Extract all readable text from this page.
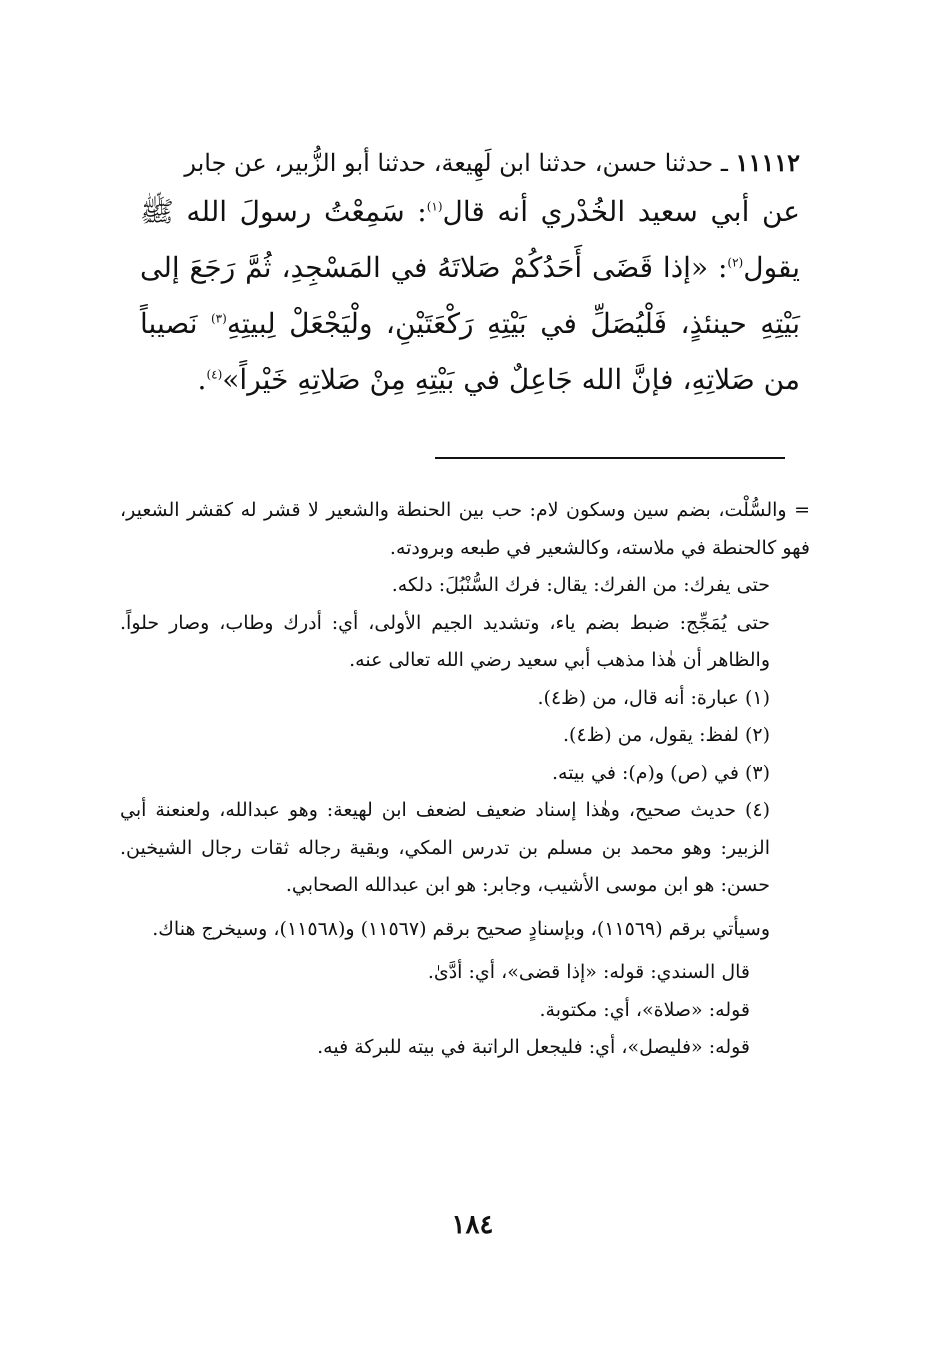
١١١١٢ ـ حدثنا حسن، حدثنا ابن لَهِيعة، حدثنا أبو الزُّبير، عن جابر

عن أبي سعيد الخُدْري أنه قال$^{(١)}$: سَمِعْتُ رسولَ الله ﷺ يقول$^{(٢)}$: «إذا قَضَى أَحَدُكُمْ صَلاتَهُ في المَسْجِدِ، ثُمَّ رَجَعَ إلى بَيْتِهِ حينئذٍ، فَلْيُصَلِّ في بَيْتِهِ رَكْعَتَيْنِ، ولْيَجْعَلْ لِبيتِهِ$^{(٣)}$ نَصيباً من صَلاتِهِ، فإنَّ الله جَاعِلٌ في بَيْتِهِ مِنْ صَلاتِهِ خَيْراً»$^{(٤)}$.

= والسُّلْت، بضم سين وسكون لام: حب بين الحنطة والشعير لا قشر له كقشر الشعير، فهو كالحنطة في ملاسته، وكالشعير في طبعه وبرودته.

حتى يفرك: من الفرك: يقال: فرك السُّنْبُلَ: دلكه.

حتى يُمَجِّج: ضبط بضم ياء، وتشديد الجيم الأولى، أي: أدرك وطاب، وصار حلواً. والظاهر أن هٰذا مذهب أبي سعيد رضي الله تعالى عنه.

(١) عبارة: أنه قال، من (ظ٤).

(٢) لفظ: يقول، من (ظ٤).

(٣) في (ص) و(م): في بيته.

(٤) حديث صحيح، وهٰذا إسناد ضعيف لضعف ابن لهيعة: وهو عبدالله، ولعنعنة أبي الزبير: وهو محمد بن مسلم بن تدرس المكي، وبقية رجاله ثقات رجال الشيخين. حسن: هو ابن موسى الأشيب، وجابر: هو ابن عبدالله الصحابي.

وسيأتي برقم (١١٥٦٩)، وبإسنادٍ صحيح برقم (١١٥٦٧) و(١١٥٦٨)، وسيخرج هناك.

قال السندي: قوله: «إذا قضى»، أي: أدَّىٰ.

قوله: «صلاة»، أي: مكتوبة.

قوله: «فليصل»، أي: فليجعل الراتبة في بيته للبركة فيه.

١٨٤
